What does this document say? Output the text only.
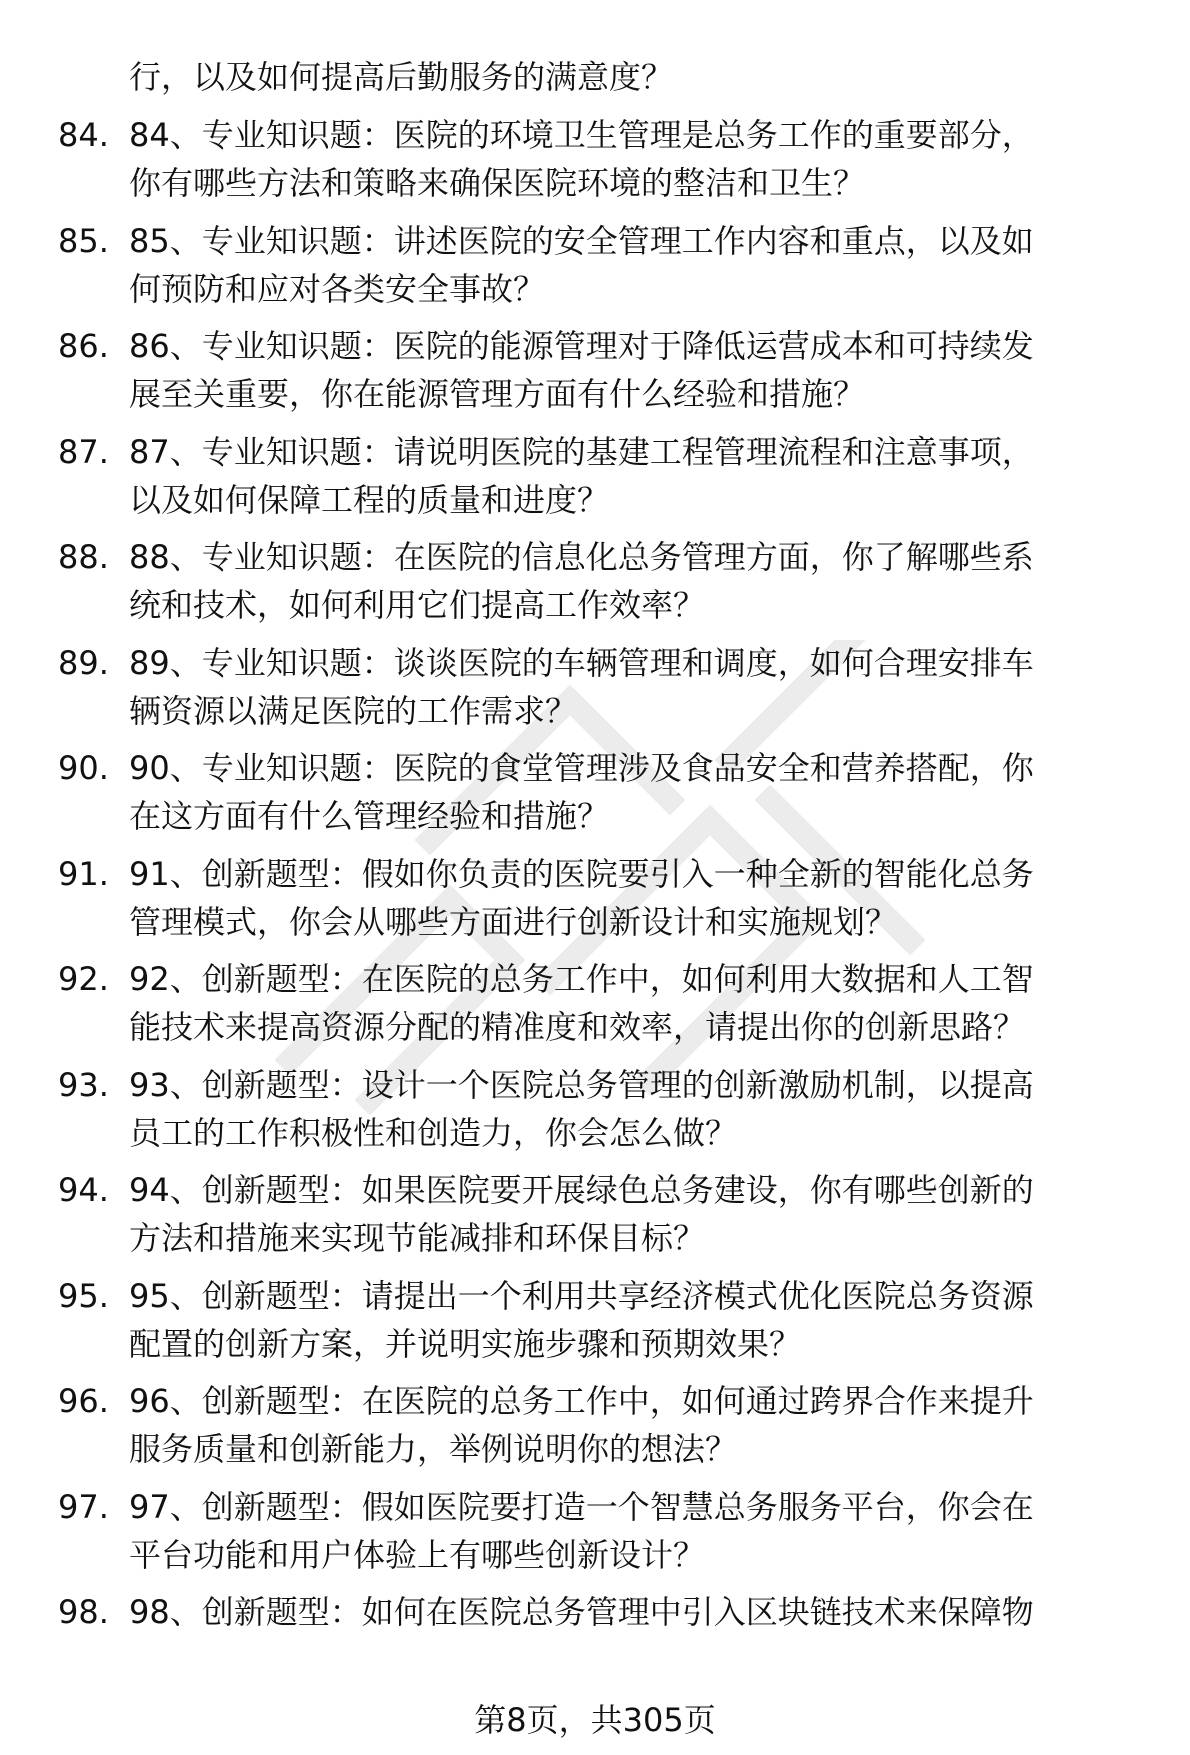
行，以及如何提高后勤服务的满意度？
84. 84、专业知识题：医院的环境卫生管理是总务工作的重要部分，
你有哪些方法和策略来确保医院环境的整洁和卫生？
85. 85、专业知识题：讲述医院的安全管理工作内容和重点，以及如
何预防和应对各类安全事故？
86. 86、专业知识题：医院的能源管理对于降低运营成本和可持续发
展至关重要，你在能源管理方面有什么经验和措施？
87. 87、专业知识题：请说明医院的基建工程管理流程和注意事项，
以及如何保障工程的质量和进度？
88. 88、专业知识题：在医院的信息化总务管理方面，你了解哪些系
统和技术，如何利用它们提高工作效率？
89. 89、专业知识题：谈谈医院的车辆管理和调度，如何合理安排车
辆资源以满足医院的工作需求？
90. 90、专业知识题：医院的食堂管理涉及食品安全和营养搭配，你
在这方面有什么管理经验和措施？
91. 91、创新题型：假如你负责的医院要引入一种全新的智能化总务
管理模式，你会从哪些方面进行创新设计和实施规划？
92. 92、创新题型：在医院的总务工作中，如何利用大数据和人工智
能技术来提高资源分配的精准度和效率，请提出你的创新思路？
93. 93、创新题型：设计一个医院总务管理的创新激励机制，以提高
员工的工作积极性和创造力，你会怎么做？
94. 94、创新题型：如果医院要开展绿色总务建设，你有哪些创新的
方法和措施来实现节能减排和环保目标？
95. 95、创新题型：请提出一个利用共享经济模式优化医院总务资源
配置的创新方案，并说明实施步骤和预期效果？
96. 96、创新题型：在医院的总务工作中，如何通过跨界合作来提升
服务质量和创新能力，举例说明你的想法？
97. 97、创新题型：假如医院要打造一个智慧总务服务平台，你会在
平台功能和用户体验上有哪些创新设计？
98. 98、创新题型：如何在医院总务管理中引入区块链技术来保障物
第8页，共305页
